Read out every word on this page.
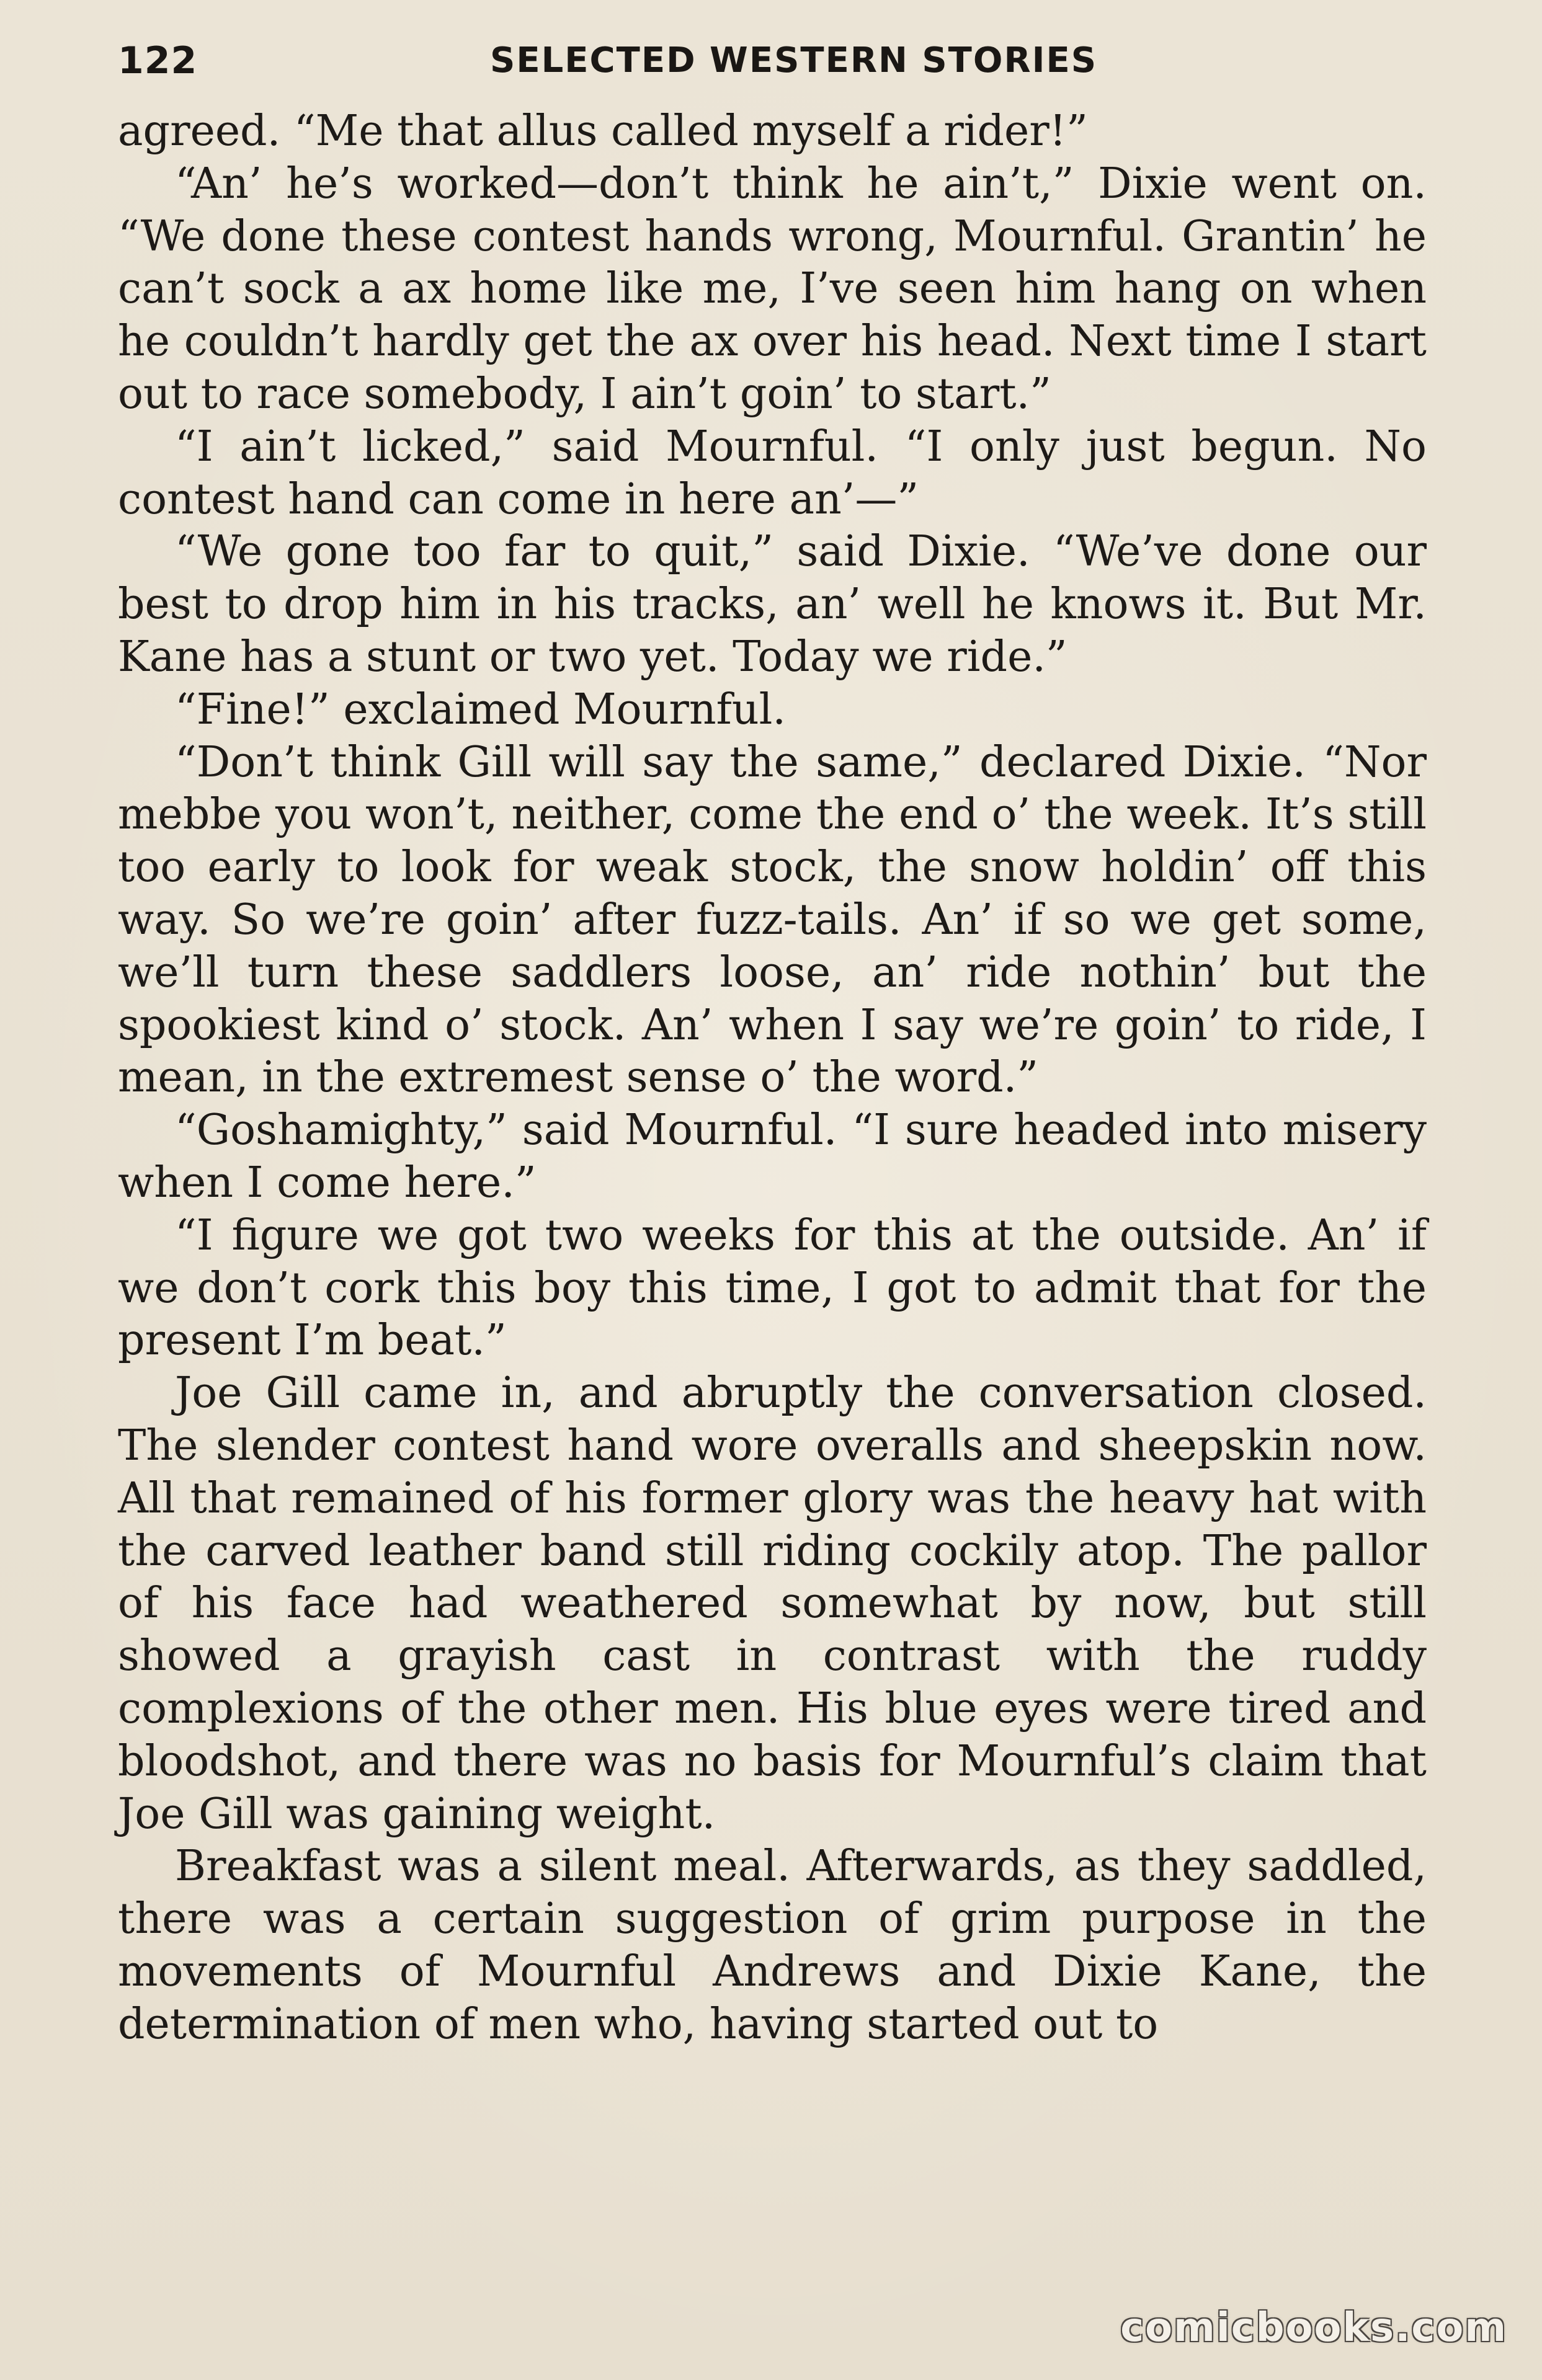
122	SELECTED WESTERN STORIES

agreed. “Me that allus called myself a rider!”

“An’ he’s worked—don’t think he ain’t,” Dixie went on. “We done these contest hands wrong, Mournful. Grantin’ he can’t sock a ax home like me, I’ve seen him hang on when he couldn’t hardly get the ax over his head. Next time I start out to race somebody, I ain’t goin’ to start.”

“I ain’t licked,” said Mournful. “I only just begun. No contest hand can come in here an’—”

“We gone too far to quit,” said Dixie. “We’ve done our best to drop him in his tracks, an’ well he knows it. But Mr. Kane has a stunt or two yet. Today we ride.”

“Fine!” exclaimed Mournful.

“Don’t think Gill will say the same,” declared Dixie. “Nor mebbe you won’t, neither, come the end o’ the week. It’s still too early to look for weak stock, the snow holdin’ off this way. So we’re goin’ after fuzz-tails. An’ if so we get some, we’ll turn these saddlers loose, an’ ride nothin’ but the spookiest kind o’ stock. An’ when I say we’re goin’ to ride, I mean, in the extremest sense o’ the word.”

“Goshamighty,” said Mournful. “I sure headed into misery when I come here.”

“I figure we got two weeks for this at the outside. An’ if we don’t cork this boy this time, I got to admit that for the present I’m beat.”

Joe Gill came in, and abruptly the conversation closed. The slender contest hand wore overalls and sheepskin now. All that remained of his former glory was the heavy hat with the carved leather band still riding cockily atop. The pallor of his face had weathered somewhat by now, but still showed a grayish cast in contrast with the ruddy complexions of the other men. His blue eyes were tired and bloodshot, and there was no basis for Mournful’s claim that Joe Gill was gaining weight.

Breakfast was a silent meal. Afterwards, as they saddled, there was a certain suggestion of grim purpose in the movements of Mournful Andrews and Dixie Kane, the determination of men who, having started out to

comicbooks.com
